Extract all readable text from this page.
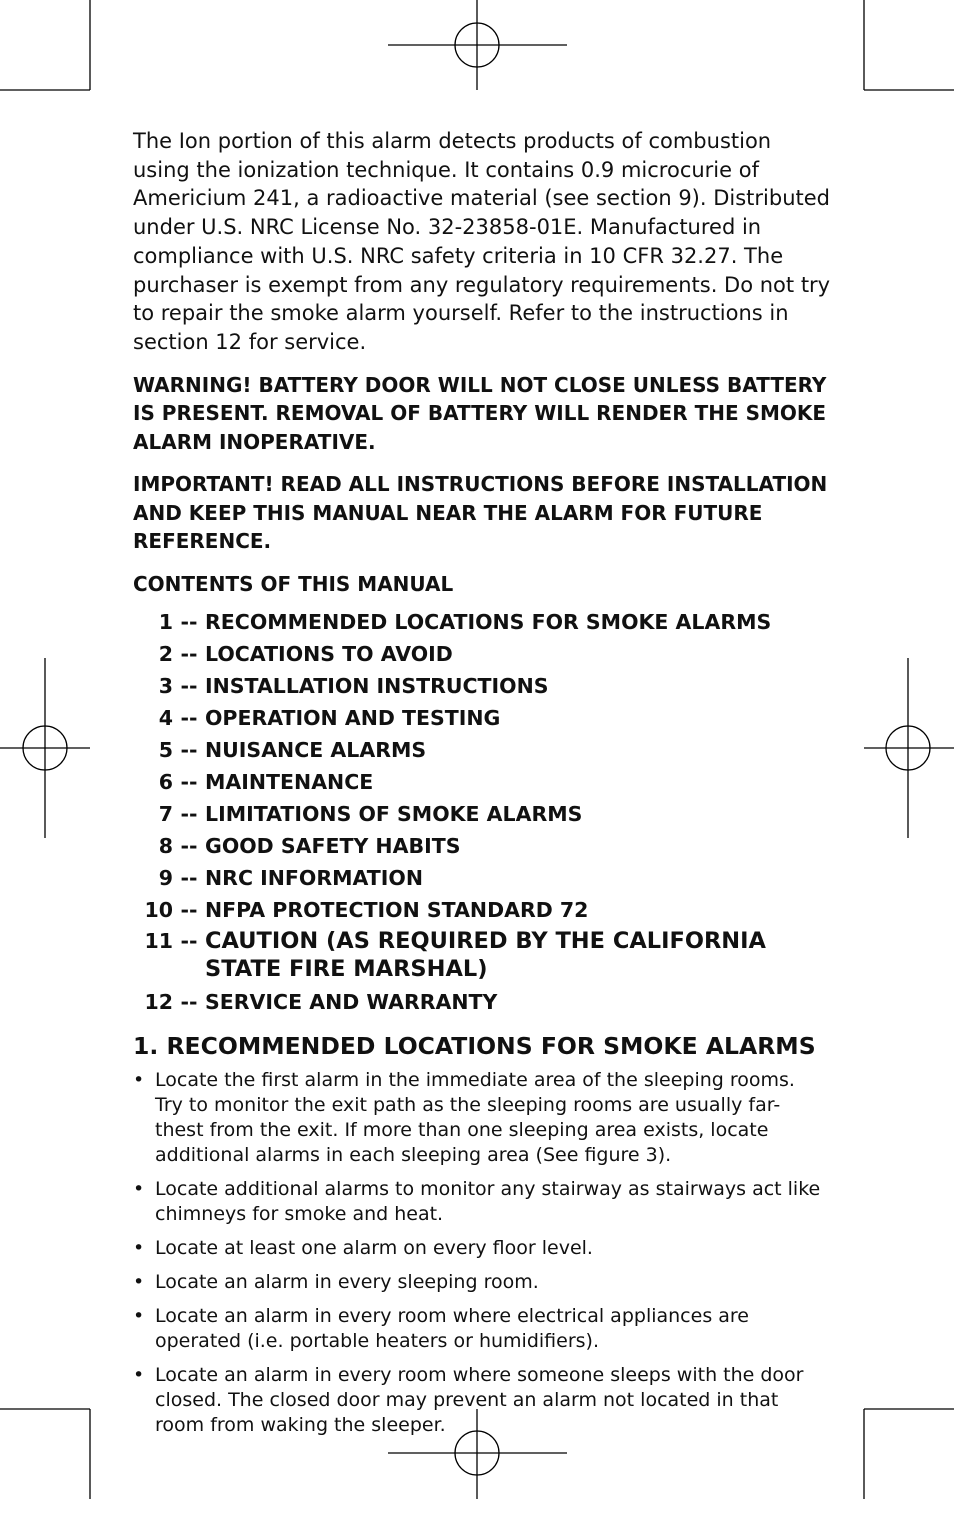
The Ion portion of this alarm detects products of combustion using the ionization technique. It contains 0.9 microcurie of Americium 241, a radioactive material (see section 9). Distributed under U.S. NRC License No. 32-23858-01E. Manufactured in compliance with U.S. NRC safety criteria in 10 CFR 32.27. The purchaser is exempt from any regulatory requirements. Do not try to repair the smoke alarm yourself. Refer to the instructions in section 12 for service.

WARNING! BATTERY DOOR WILL NOT CLOSE UNLESS BATTERY IS PRESENT. REMOVAL OF BATTERY WILL RENDER THE SMOKE ALARM INOPERATIVE.

IMPORTANT! READ ALL INSTRUCTIONS BEFORE INSTALLATION AND KEEP THIS MANUAL NEAR THE ALARM FOR FUTURE REFERENCE.

CONTENTS OF THIS MANUAL

1 -- RECOMMENDED LOCATIONS FOR SMOKE ALARMS
2 -- LOCATIONS TO AVOID
3 -- INSTALLATION INSTRUCTIONS
4 -- OPERATION AND TESTING
5 -- NUISANCE ALARMS
6 -- MAINTENANCE
7 -- LIMITATIONS OF SMOKE ALARMS
8 -- GOOD SAFETY HABITS
9 -- NRC INFORMATION
10 -- NFPA PROTECTION STANDARD 72
11 -- CAUTION (AS REQUIRED BY THE CALIFORNIA
STATE FIRE MARSHAL)
12 -- SERVICE AND WARRANTY
1. RECOMMENDED LOCATIONS FOR SMOKE ALARMS
• Locate the first alarm in the immediate area of the sleeping rooms.
Try to monitor the exit path as the sleeping rooms are usually far-
thest from the exit. If more than one sleeping area exists, locate
additional alarms in each sleeping area (See figure 3).
• Locate additional alarms to monitor any stairway as stairways act like
chimneys for smoke and heat.
• Locate at least one alarm on every floor level.
• Locate an alarm in every sleeping room.
• Locate an alarm in every room where electrical appliances are
operated (i.e. portable heaters or humidifiers).
• Locate an alarm in every room where someone sleeps with the door
closed. The closed door may prevent an alarm not located in that
room from waking the sleeper.
